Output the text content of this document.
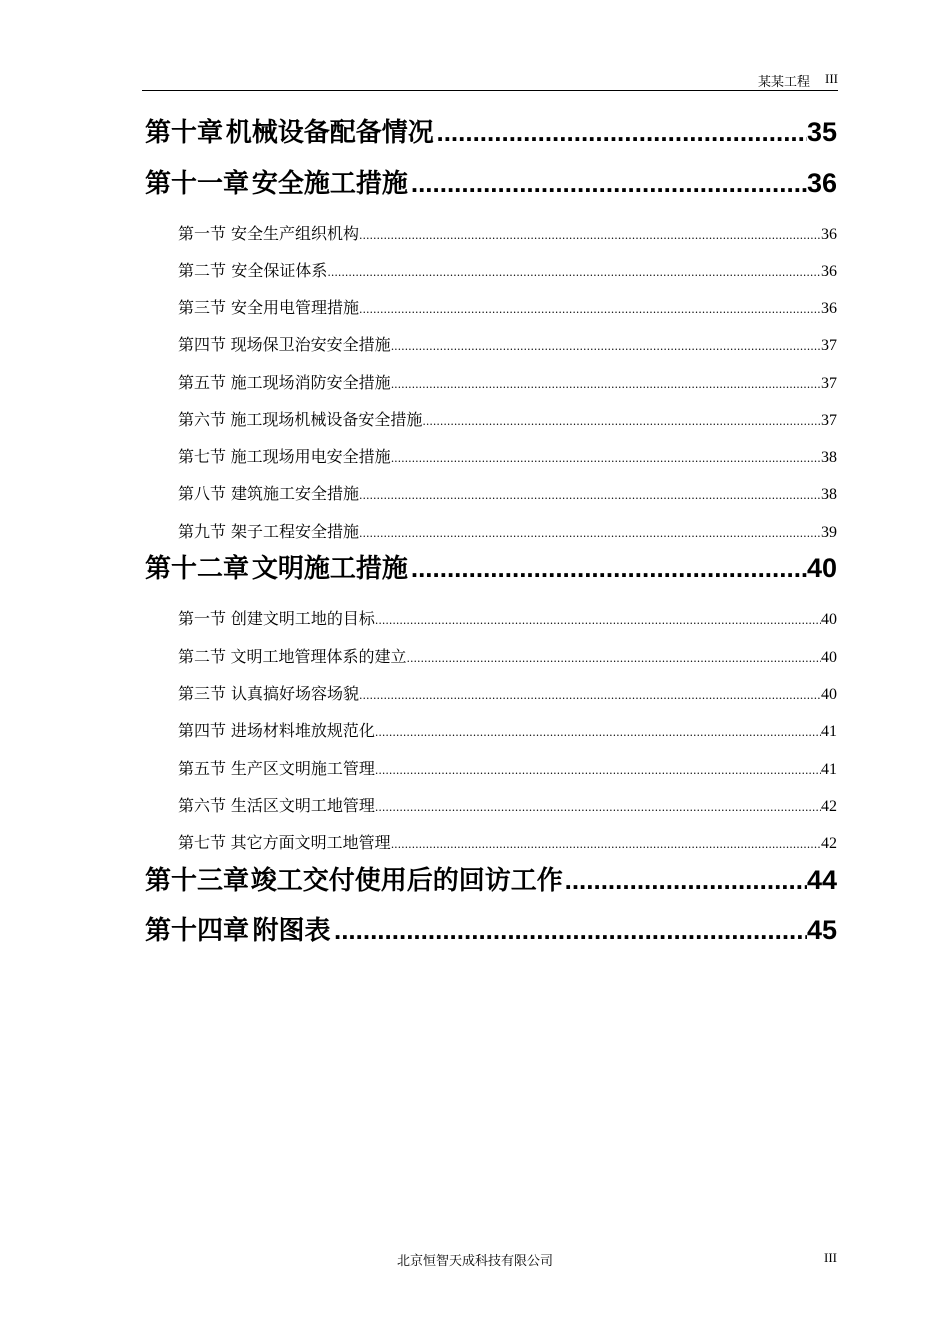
某某工程 III
第十章 机械设备配备情况 .....	35
第十一章 安全施工措施 .....	36
第一节 安全生产组织机构 .....	36
第二节 安全保证体系 .....	36
第三节 安全用电管理措施 .....	36
第四节 现场保卫治安安全措施 .....	37
第五节 施工现场消防安全措施 .....	37
第六节 施工现场机械设备安全措施 .....	37
第七节 施工现场用电安全措施 .....	38
第八节 建筑施工安全措施 .....	38
第九节 架子工程安全措施 .....	39
第十二章 文明施工措施 .....	40
第一节 创建文明工地的目标 .....	40
第二节 文明工地管理体系的建立 .....	40
第三节 认真搞好场容场貌 .....	40
第四节 进场材料堆放规范化 .....	41
第五节 生产区文明施工管理 .....	41
第六节 生活区文明工地管理 .....	42
第七节 其它方面文明工地管理 .....	42
第十三章 竣工交付使用后的回访工作 .....	44
第十四章 附图表 .....	45
北京恒智天成科技有限公司	III
